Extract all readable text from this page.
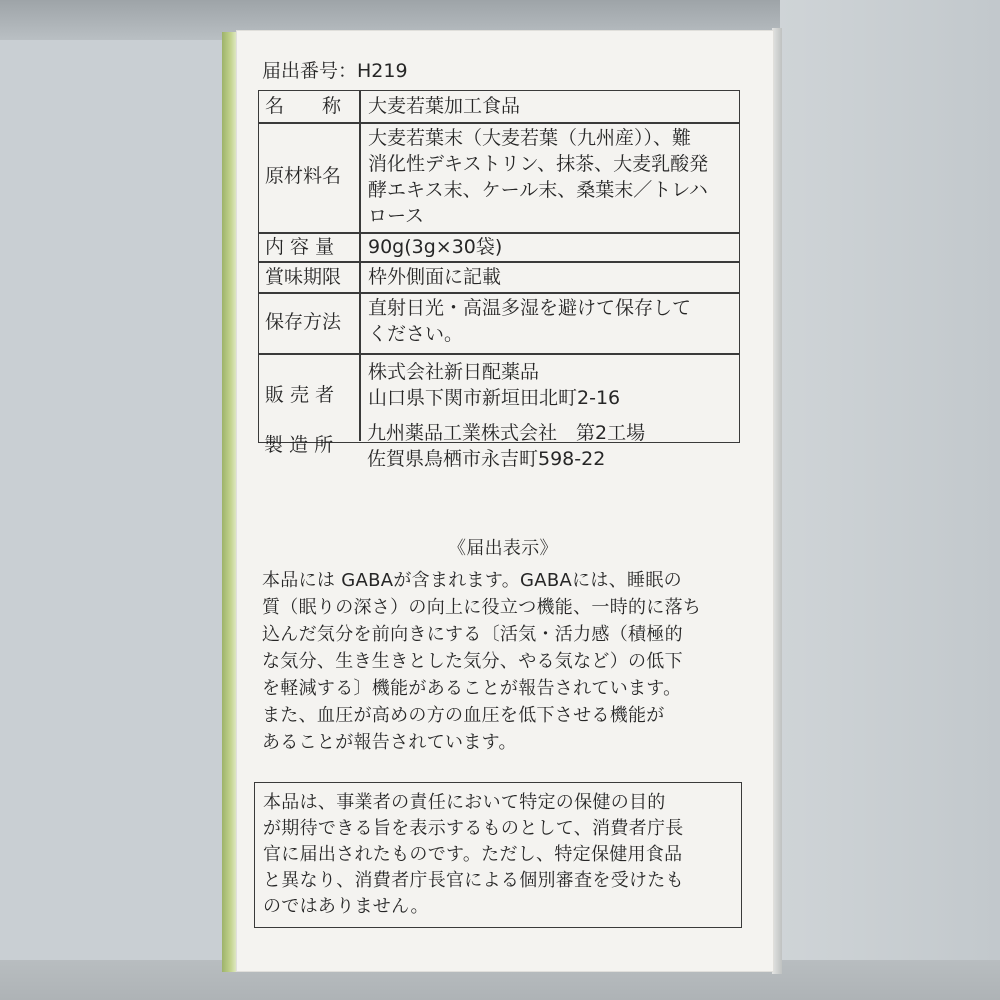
届出番号：H219
名　　称 大麦若葉加工食品
原材料名
大麦若葉末（大麦若葉（九州産））、難
消化性デキストリン、抹茶、大麦乳酸発
酵エキス末、ケール末、桑葉末／トレハ
ロース
内 容 量 90g(3g×30袋)
賞味期限 枠外側面に記載
保存方法
直射日光・高温多湿を避けて保存して
ください。
販 売 者
株式会社新日配薬品
山口県下関市新垣田北町2-16
製 造 所
九州薬品工業株式会社　第2工場
佐賀県鳥栖市永吉町598-22
《届出表示》
本品には GABAが含まれます。GABAには、睡眠の
質（眠りの深さ）の向上に役立つ機能、一時的に落ち
込んだ気分を前向きにする〔活気・活力感（積極的
な気分、生き生きとした気分、やる気など）の低下
を軽減する〕機能があることが報告されています。
また、血圧が高めの方の血圧を低下させる機能が
あることが報告されています。
本品は、事業者の責任において特定の保健の目的
が期待できる旨を表示するものとして、消費者庁長
官に届出されたものです。ただし、特定保健用食品
と異なり、消費者庁長官による個別審査を受けたも
のではありません。
